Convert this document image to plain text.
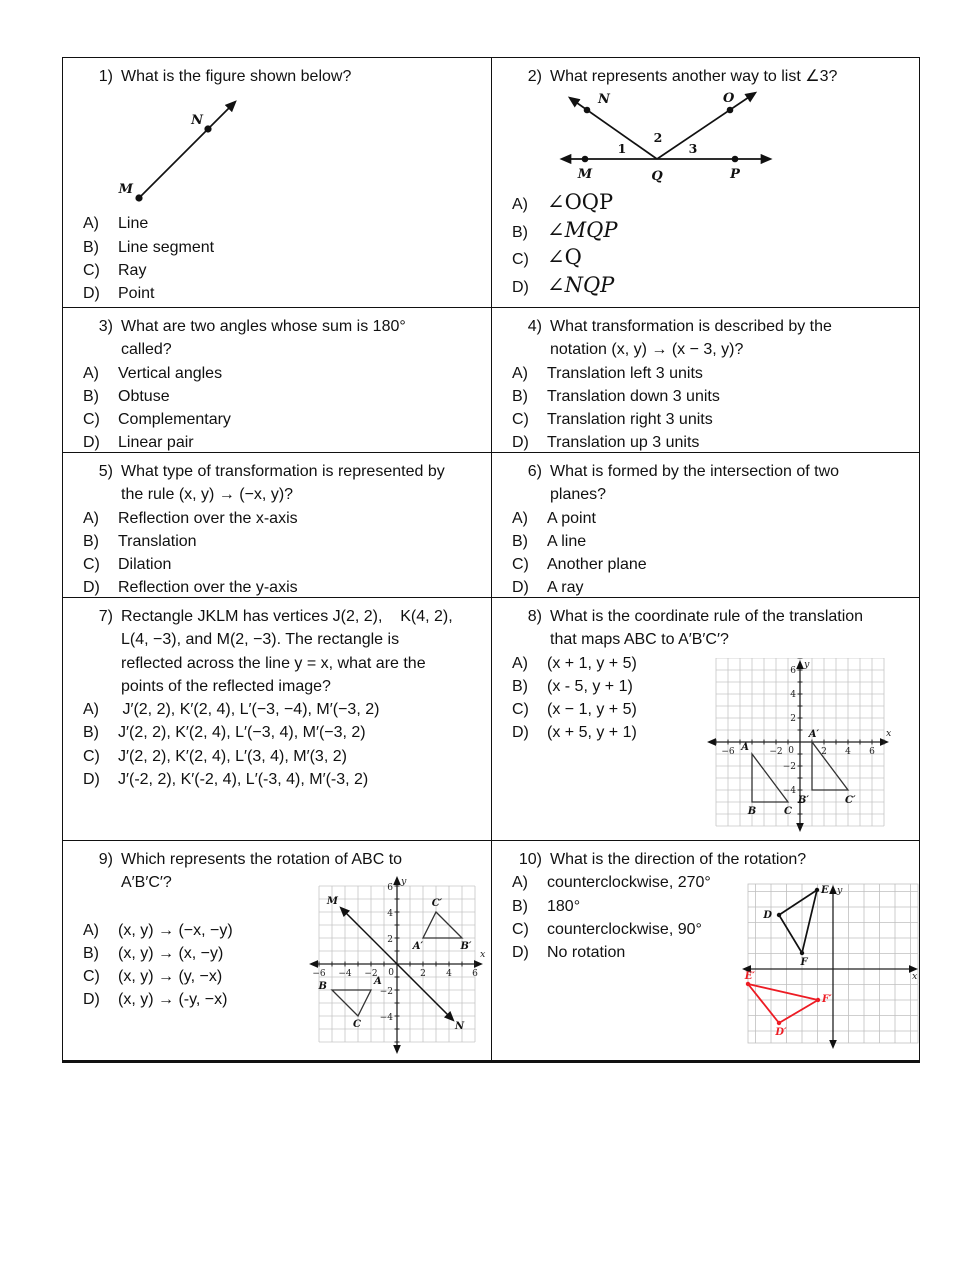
1) What is the figure shown below?
M
N
A)	Line
B)	Line segment
C)	Ray
D)	Point
2) What represents another way to list ∠3?
N	O
M	Q	P
1
2
3
A) ∠OQP
B) ∠MQP
C) ∠Q
D) ∠NQP
3) What are two angles whose sum is 180°
called?
A)	Vertical angles
B)	Obtuse
C)	Complementary
D)	Linear pair
4) What transformation is described by the
notation (x, y) → (x − 3, y)?
A)	Translation left 3 units
B)	Translation down 3 units
C)	Translation right 3 units
D)	Translation up 3 units
5) What type of transformation is represented by
the rule (x, y) → (−x, y)?
A)	Reflection over the x-axis
B)	Translation
C)	Dilation
D)	Reflection over the y-axis
6) What is formed by the intersection of two
planes?
A)	A point
B)	A line
C)	Another plane
D)	A ray
7) Rectangle JKLM has vertices J(2, 2),    K(4, 2),
L(4, −3), and M(2, −3). The rectangle is
reflected across the line y = x, what are the
points of the reflected image?
A)	J′(2, 2), K′(2, 4), L′(−3, −4), M′(−3, 2)
B)	J′(2, 2), K′(2, 4), L′(−3, 4), M′(−3, 2)
C)	J′(2, 2), K′(2, 4), L′(3, 4), M′(3, 2)
D)	J′(-2, 2), K′(-2, 4), L′(-3, 4), M′(-3, 2)
8) What is the coordinate rule of the translation
that maps ABC to A′B′C′?
A)	(x + 1, y + 5)
B)	(x - 5, y + 1)
C)	(x − 1, y + 5)
D)	(x + 5, y + 1)
−6	−2 0	2 4 6
6
4
2
−2
−4
x
y
A
B	C
A′
B′	C′
9) Which represents the rotation of ABC to
A′B′C′?
A)	(x, y) → (−x, −y)
B)	(x, y) → (x, −y)
C)	(x, y) → (y, −x)
D)	(x, y) → (-y, −x)
−6 −4 −2 0	2 4 6
6
4
2
−2
−4
x
y
M
N
A
B
C
A′	B′
C′
10) What is the direction of the rotation?
A)	counterclockwise, 270°
B)	180°
C)	counterclockwise, 90°
D)	No rotation
x
y
D
E
F
D′
E′
F′
